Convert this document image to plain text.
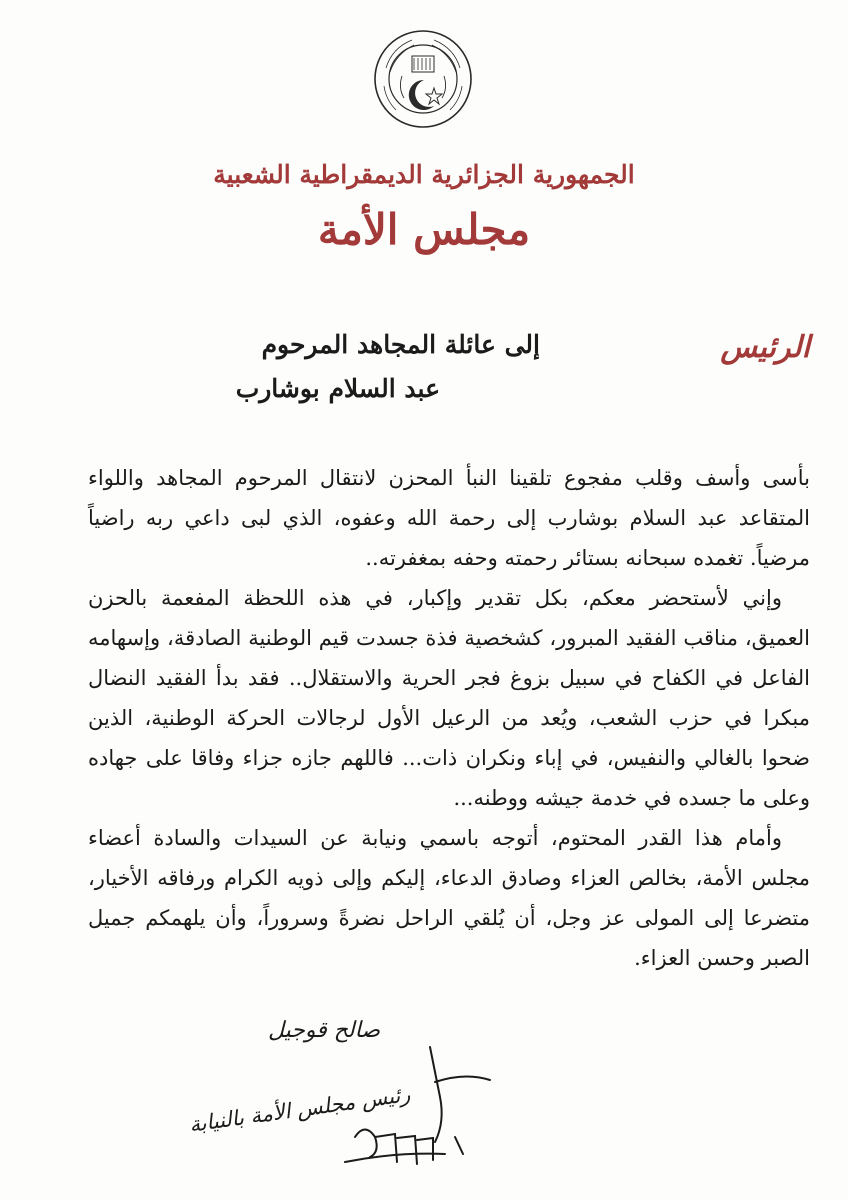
الجمهورية الجزائرية الديمقراطية الشعبية
مجلس الأمة
الرئيس
إلى عائلة المجاهد المرحوم
عبد السلام بوشارب

بأسى وأسف وقلب مفجوع تلقينا النبأ المحزن لانتقال المرحوم المجاهد واللواء المتقاعد عبد السلام بوشارب إلى رحمة الله وعفوه، الذي لبى داعي ربه راضياً مرضياً. تغمده سبحانه بستائر رحمته وحفه بمغفرته..

وإني لأستحضر معكم، بكل تقدير وإكبار، في هذه اللحظة المفعمة بالحزن العميق، مناقب الفقيد المبرور، كشخصية فذة جسدت قيم الوطنية الصادقة، وإسهامه الفاعل في الكفاح في سبيل بزوغ فجر الحرية والاستقلال.. فقد بدأ الفقيد النضال مبكرا في حزب الشعب، ويُعد من الرعيل الأول لرجالات الحركة الوطنية، الذين ضحوا بالغالي والنفيس، في إباء ونكران ذات... فاللهم جازه جزاء وفاقا على جهاده وعلى ما جسده في خدمة جيشه ووطنه...

وأمام هذا القدر المحتوم، أتوجه باسمي ونيابة عن السيدات والسادة أعضاء مجلس الأمة، بخالص العزاء وصادق الدعاء، إليكم وإلى ذويه الكرام ورفاقه الأخيار، متضرعا إلى المولى عز وجل، أن يُلقي الراحل نضرةً وسروراً، وأن يلهمكم جميل الصبر وحسن العزاء.

صالح قوجيل
رئيس مجلس الأمة بالنيابة
